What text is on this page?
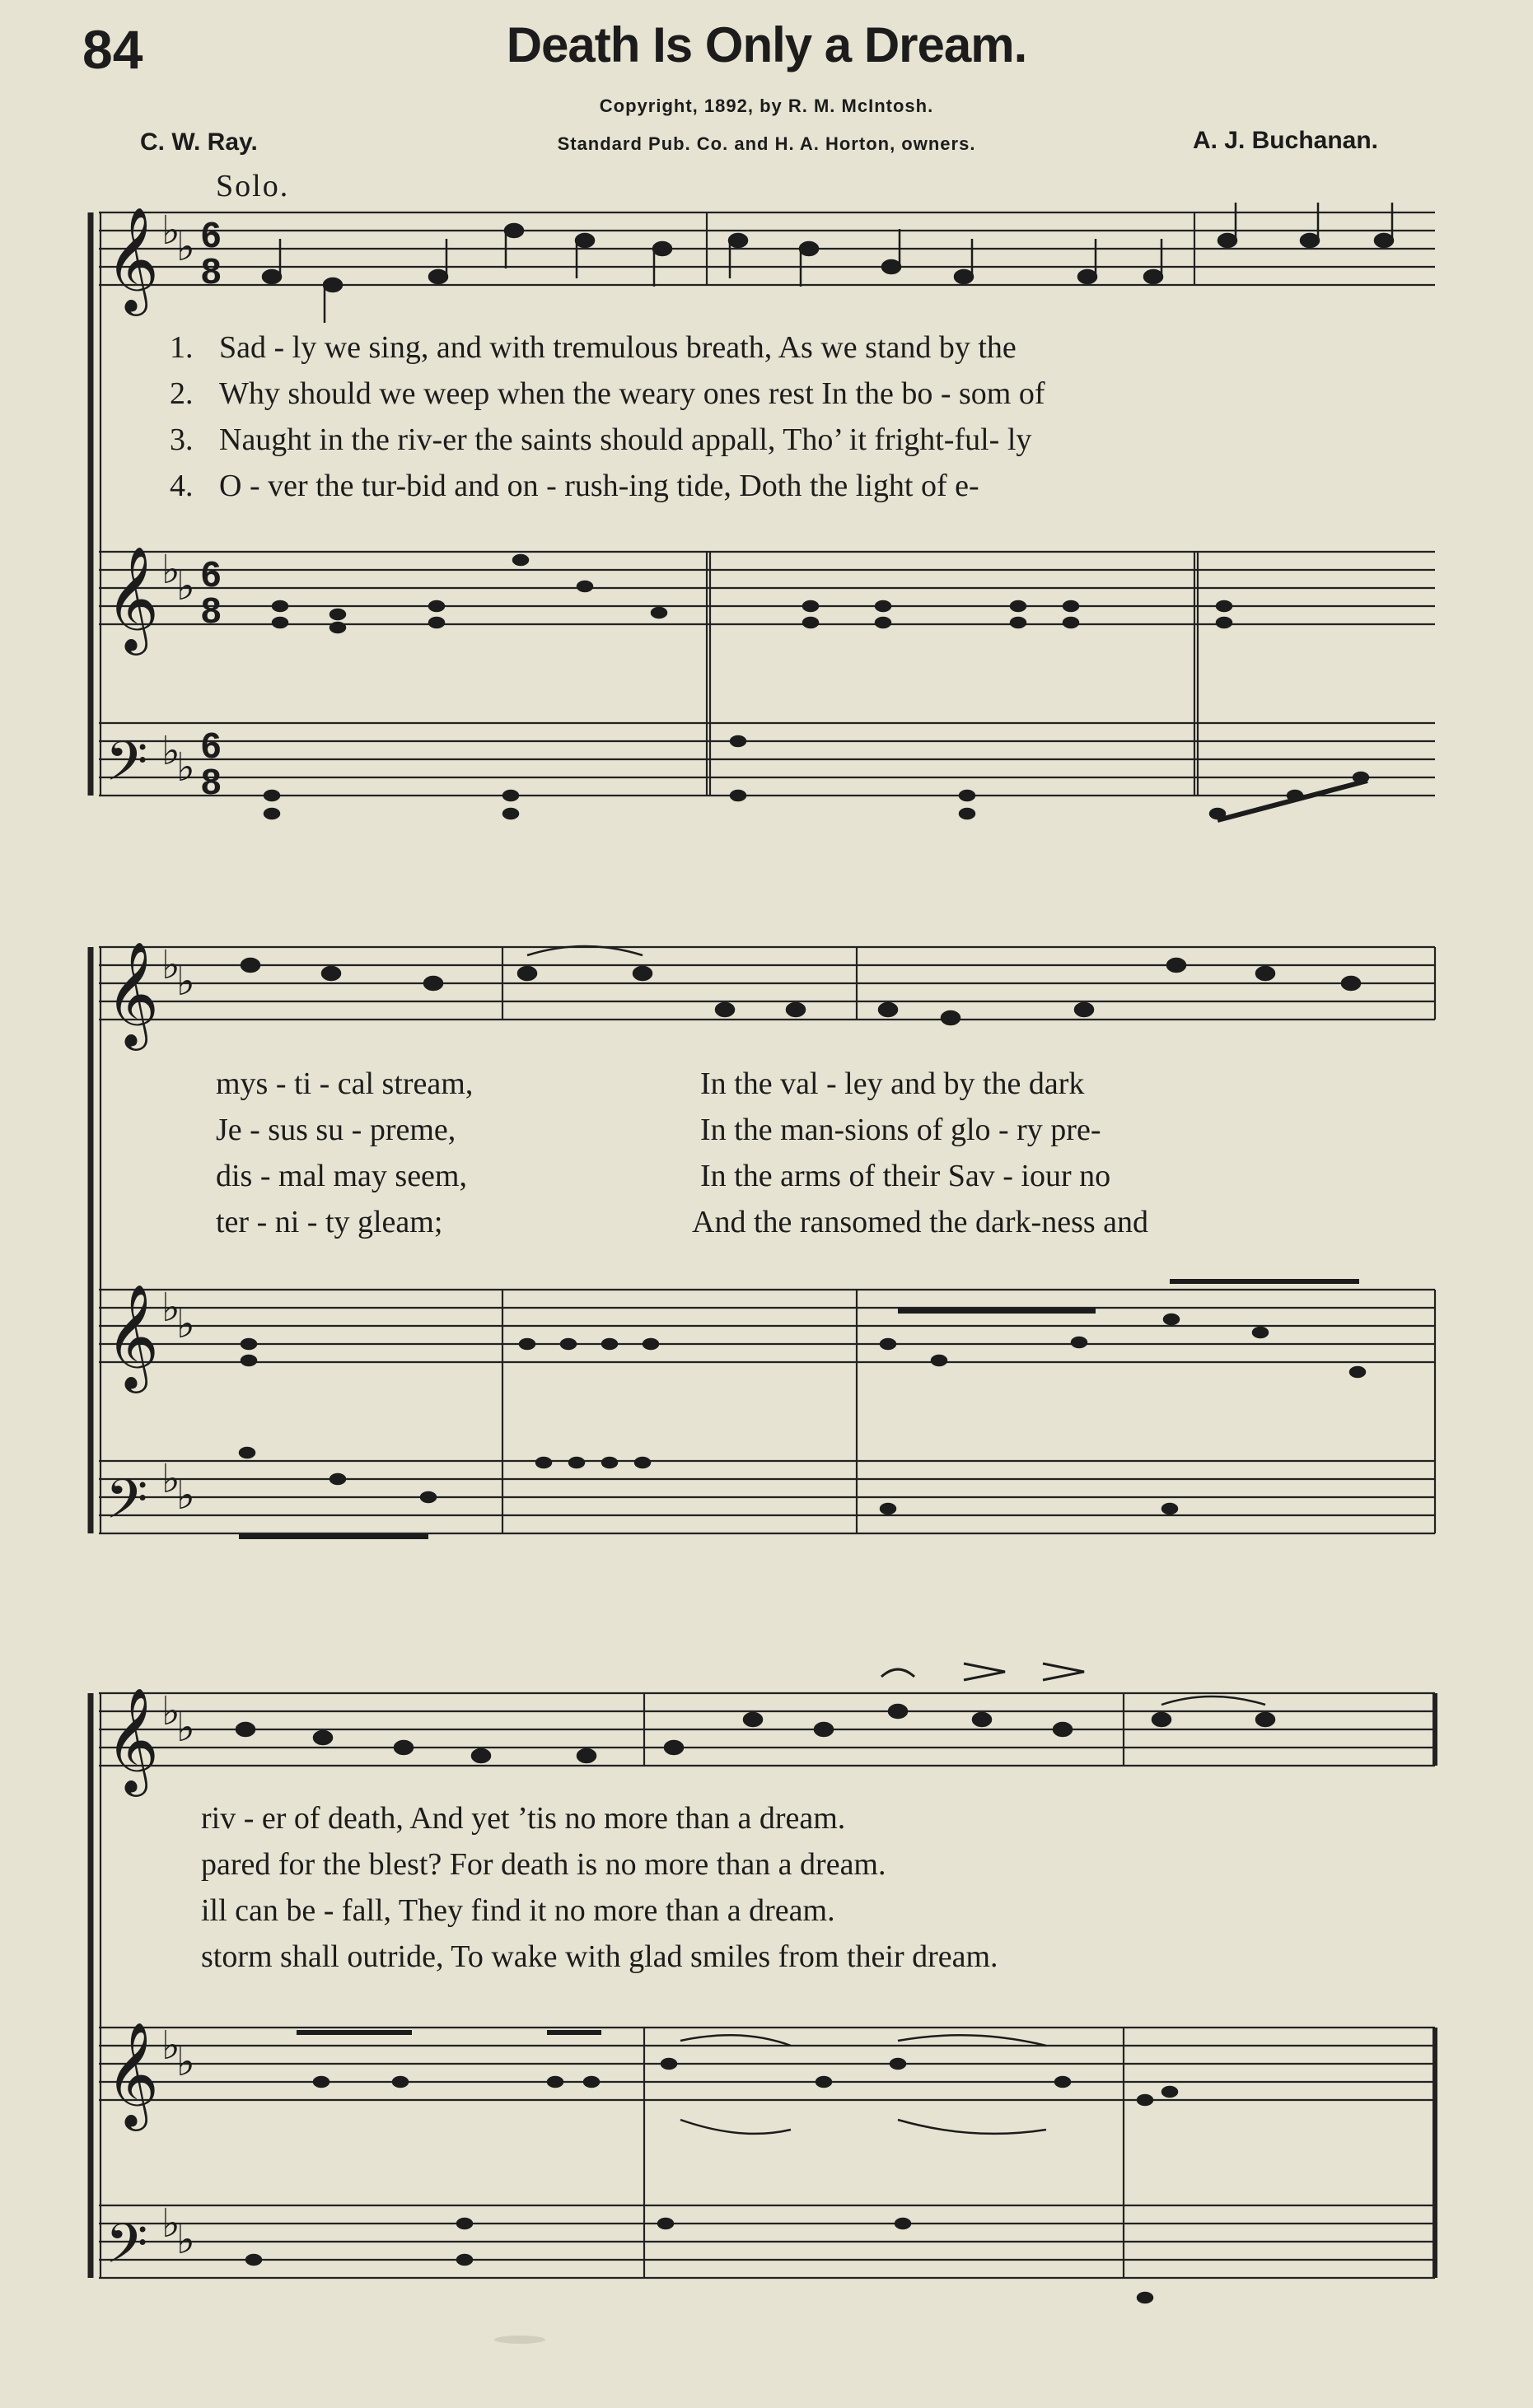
84	Death Is Only a Dream.
Copyright, 1892, by R. M. McIntosh.
Standard Pub. Co. and H. A. Horton, owners.
C. W. Ray.	A. J. Buchanan.
Solo.
𝄞
𝄞
𝄢
𝄞
𝄞
𝄢
𝄞
𝄞
𝄢
♭
♭
♭
♭
♭
♭
♭
♭
♭
♭
♭
♭
♭
♭
♭
♭
♭
♭
6
8
6
8
6
8
1. Sad - ly we sing, and with tremulous breath, As we stand by the
2. Why should we weep when the weary ones rest In the bo - som of
3. Naught in the riv-er the saints should appall, Tho’ it fright-ful- ly
4. O - ver the tur-bid and on - rush-ing tide, Doth the light of e-
mys - ti - cal stream,	In the val - ley and by the dark
Je - sus su - preme,	In the man-sions of glo - ry pre-
dis - mal may seem,	In the arms of their Sav - iour no
ter - ni - ty gleam;	And the ransomed the dark-ness and
riv - er of death, And yet ’tis no more than a dream.
pared for the blest? For death is no more than a dream.
ill can be - fall, They find it no more than a dream.
storm shall outride, To wake with glad smiles from their dream.
